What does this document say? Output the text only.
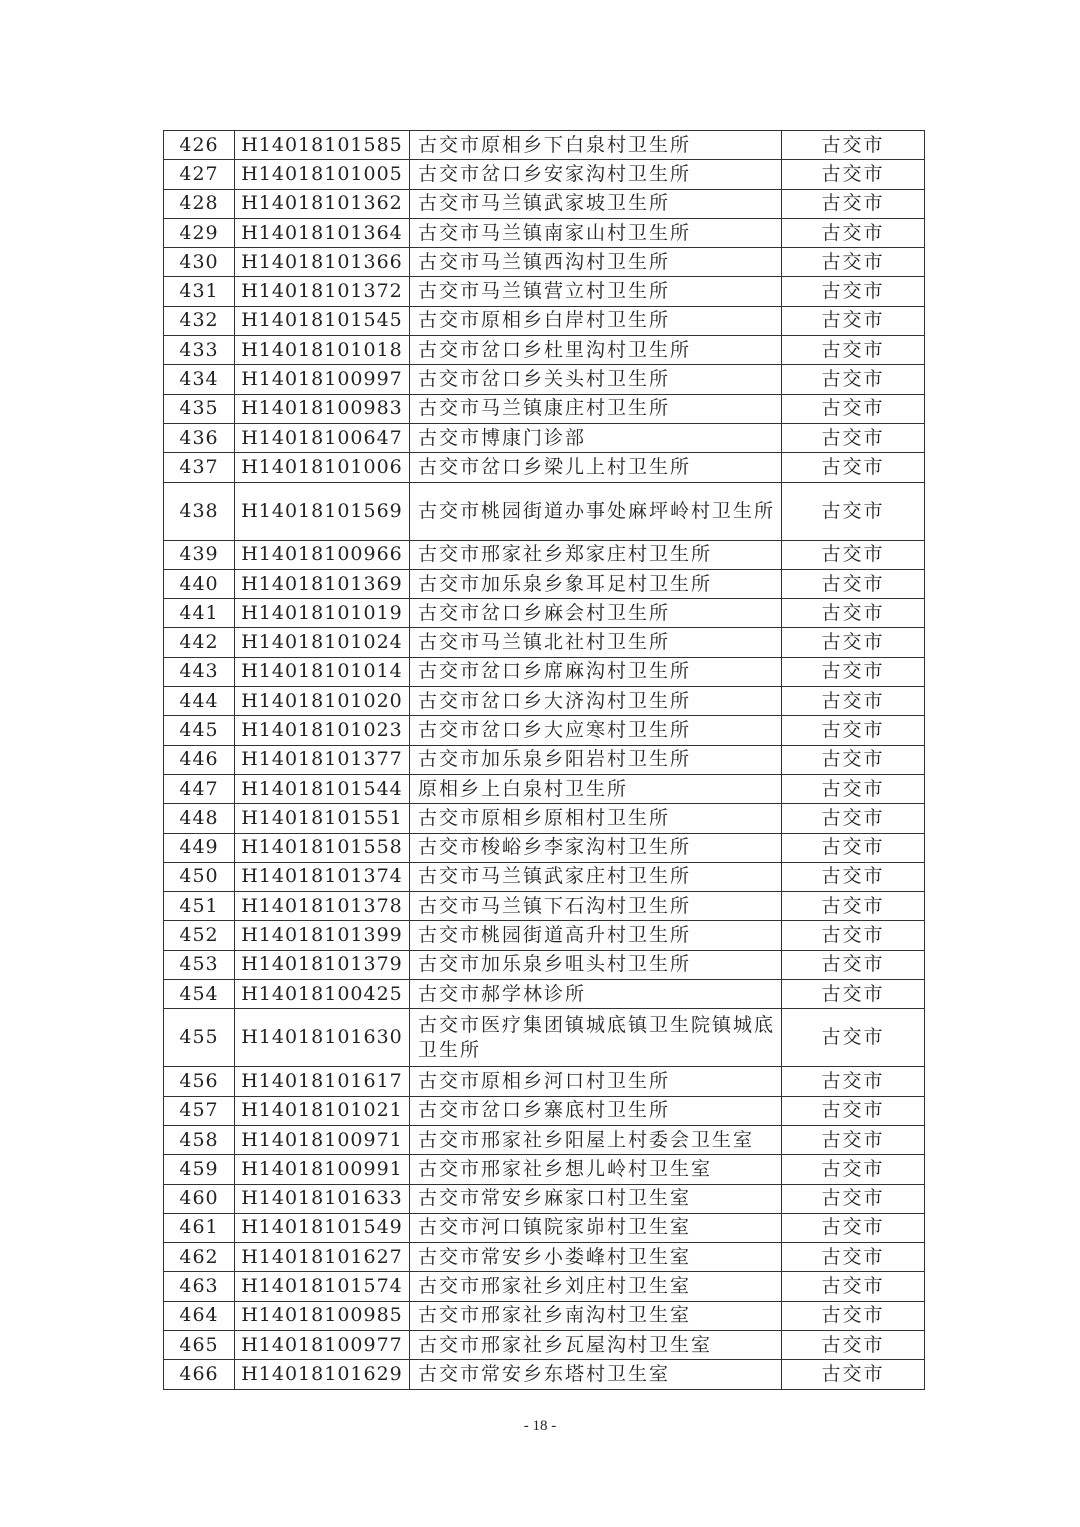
426	H14018101585	古交市原相乡下白泉村卫生所	古交市
427	H14018101005	古交市岔口乡安家沟村卫生所	古交市
428	H14018101362	古交市马兰镇武家坡卫生所	古交市
429	H14018101364	古交市马兰镇南家山村卫生所	古交市
430	H14018101366	古交市马兰镇西沟村卫生所	古交市
431	H14018101372	古交市马兰镇营立村卫生所	古交市
432	H14018101545	古交市原相乡白岸村卫生所	古交市
433	H14018101018	古交市岔口乡杜里沟村卫生所	古交市
434	H14018100997	古交市岔口乡关头村卫生所	古交市
435	H14018100983	古交市马兰镇康庄村卫生所	古交市
436	H14018100647	古交市博康门诊部	古交市
437	H14018101006	古交市岔口乡梁儿上村卫生所	古交市
438	H14018101569	古交市桃园街道办事处麻坪岭村卫生所	古交市
439	H14018100966	古交市邢家社乡郑家庄村卫生所	古交市
440	H14018101369	古交市加乐泉乡象耳足村卫生所	古交市
441	H14018101019	古交市岔口乡麻会村卫生所	古交市
442	H14018101024	古交市马兰镇北社村卫生所	古交市
443	H14018101014	古交市岔口乡席麻沟村卫生所	古交市
444	H14018101020	古交市岔口乡大济沟村卫生所	古交市
445	H14018101023	古交市岔口乡大应寒村卫生所	古交市
446	H14018101377	古交市加乐泉乡阳岩村卫生所	古交市
447	H14018101544	原相乡上白泉村卫生所	古交市
448	H14018101551	古交市原相乡原相村卫生所	古交市
449	H14018101558	古交市梭峪乡李家沟村卫生所	古交市
450	H14018101374	古交市马兰镇武家庄村卫生所	古交市
451	H14018101378	古交市马兰镇下石沟村卫生所	古交市
452	H14018101399	古交市桃园街道高升村卫生所	古交市
453	H14018101379	古交市加乐泉乡咀头村卫生所	古交市
454	H14018100425	古交市郝学林诊所	古交市
455	H14018101630	古交市医疗集团镇城底镇卫生院镇城底卫生所	古交市
456	H14018101617	古交市原相乡河口村卫生所	古交市
457	H14018101021	古交市岔口乡寨底村卫生所	古交市
458	H14018100971	古交市邢家社乡阳屋上村委会卫生室	古交市
459	H14018100991	古交市邢家社乡想儿岭村卫生室	古交市
460	H14018101633	古交市常安乡麻家口村卫生室	古交市
461	H14018101549	古交市河口镇院家峁村卫生室	古交市
462	H14018101627	古交市常安乡小娄峰村卫生室	古交市
463	H14018101574	古交市邢家社乡刘庄村卫生室	古交市
464	H14018100985	古交市邢家社乡南沟村卫生室	古交市
465	H14018100977	古交市邢家社乡瓦屋沟村卫生室	古交市
466	H14018101629	古交市常安乡东塔村卫生室	古交市
- 18 -
